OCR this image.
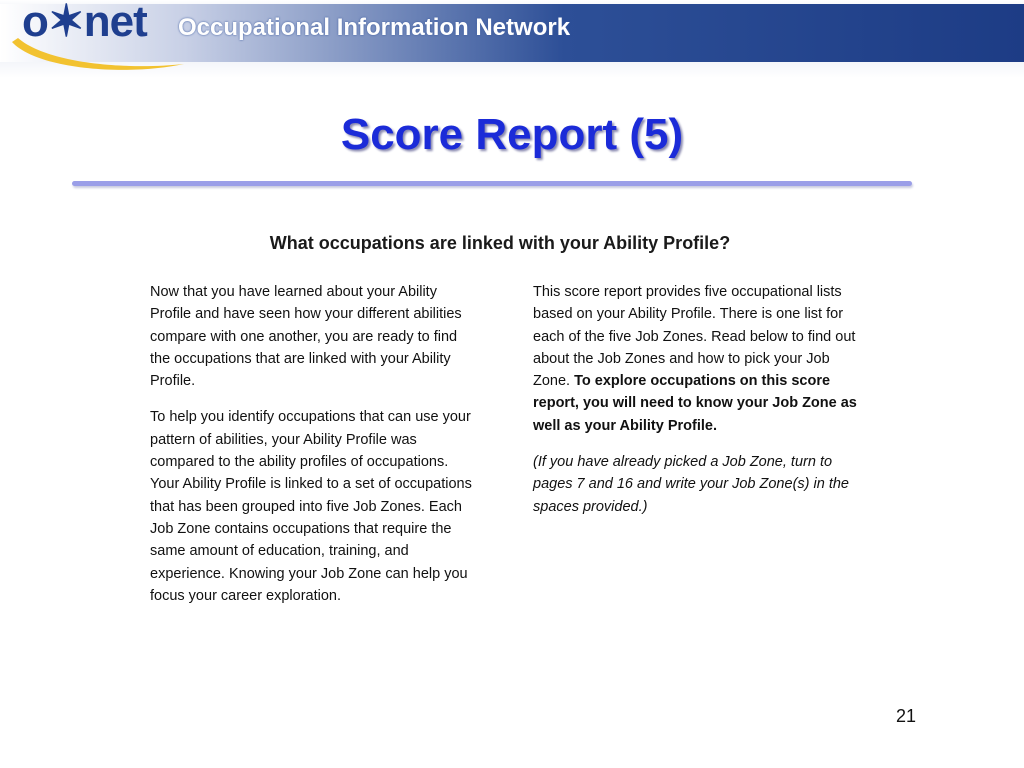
o✶net Occupational Information Network
Score Report (5)
What occupations are linked with your Ability Profile?

Now that you have learned about your Ability Profile and have seen how your different abilities compare with one another, you are ready to find the occupations that are linked with your Ability Profile.

To help you identify occupations that can use your pattern of abilities, your Ability Profile was compared to the ability profiles of occupations. Your Ability Profile is linked to a set of occupations that has been grouped into five Job Zones. Each Job Zone contains occupations that require the same amount of education, training, and experience. Knowing your Job Zone can help you focus your career exploration.

This score report provides five occupational lists based on your Ability Profile. There is one list for each of the five Job Zones. Read below to find out about the Job Zones and how to pick your Job Zone. To explore occupations on this score report, you will need to know your Job Zone as well as your Ability Profile.

(If you have already picked a Job Zone, turn to pages 7 and 16 and write your Job Zone(s) in the spaces provided.)

21
